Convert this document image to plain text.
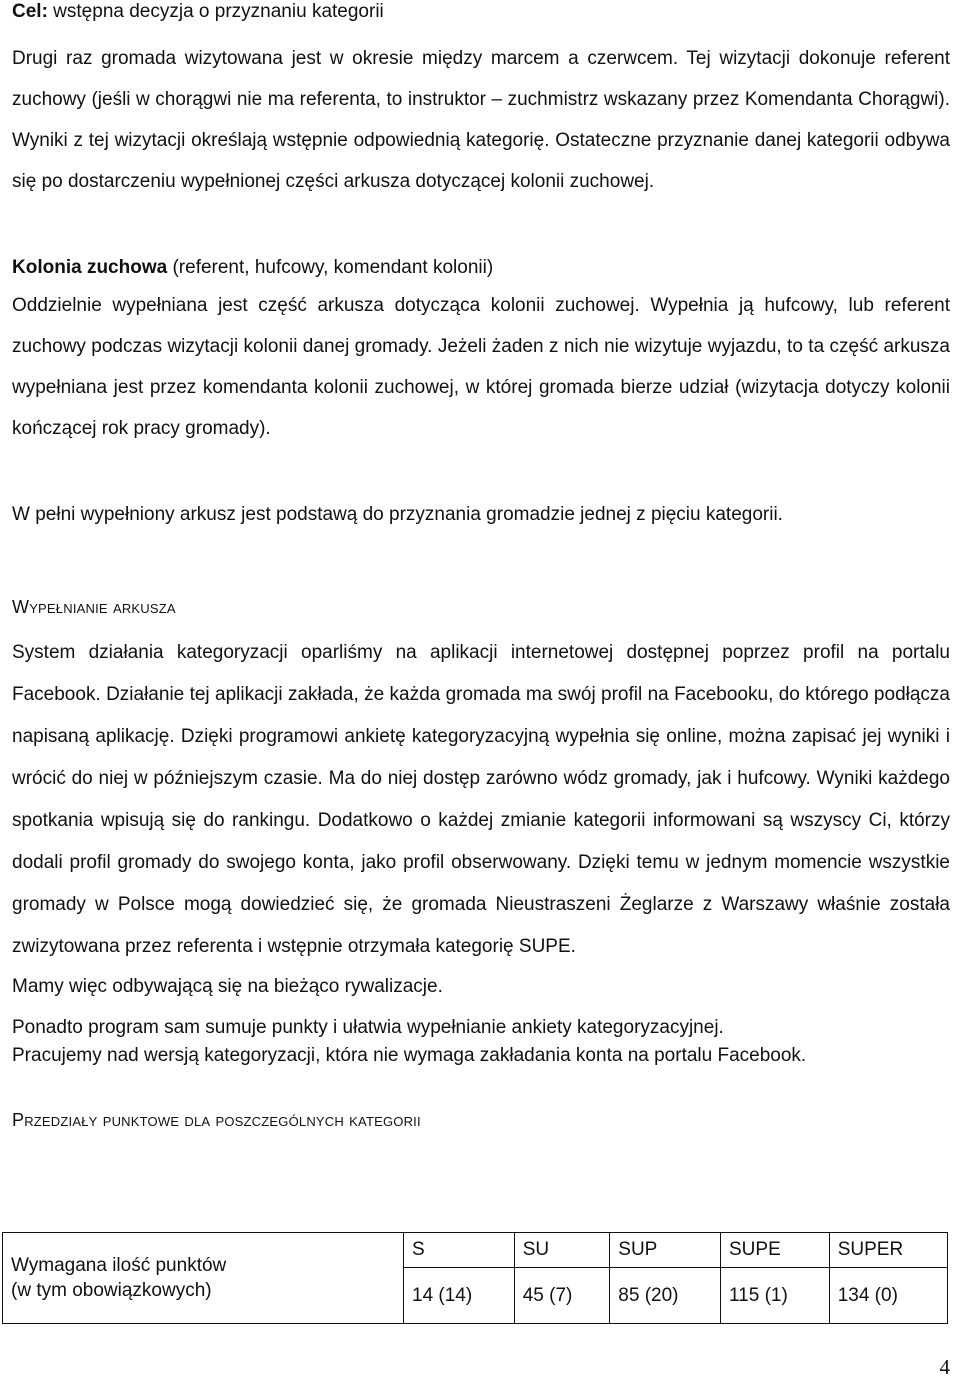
Cel: wstępna decyzja o przyznaniu kategorii

Drugi raz gromada wizytowana jest w okresie między marcem a czerwcem. Tej wizytacji dokonuje referent zuchowy (jeśli w chorągwi nie ma referenta, to instruktor – zuchmistrz wskazany przez Komendanta Chorągwi). Wyniki z tej wizytacji określają wstępnie odpowiednią kategorię. Ostateczne przyznanie danej kategorii odbywa się po dostarczeniu wypełnionej części arkusza dotyczącej kolonii zuchowej.

Kolonia zuchowa (referent, hufcowy, komendant kolonii)

Oddzielnie wypełniana jest część arkusza dotycząca kolonii zuchowej. Wypełnia ją hufcowy, lub referent zuchowy podczas wizytacji kolonii danej gromady. Jeżeli żaden z nich nie wizytuje wyjazdu, to ta część arkusza wypełniana jest przez komendanta kolonii zuchowej, w której gromada bierze udział (wizytacja dotyczy kolonii kończącej rok pracy gromady).

W pełni wypełniony arkusz jest podstawą do przyznania gromadzie jednej z pięciu kategorii.

Wypełnianie arkusza

System działania kategoryzacji oparliśmy na aplikacji internetowej dostępnej poprzez profil na portalu Facebook. Działanie tej aplikacji zakłada, że każda gromada ma swój profil na Facebooku, do którego podłącza napisaną aplikację. Dzięki programowi ankietę kategoryzacyjną wypełnia się online, można zapisać jej wyniki i wrócić do niej w późniejszym czasie. Ma do niej dostęp zarówno wódz gromady, jak i hufcowy. Wyniki każdego spotkania wpisują się do rankingu. Dodatkowo o każdej zmianie kategorii informowani są wszyscy Ci, którzy dodali profil gromady do swojego konta, jako profil obserwowany. Dzięki temu w jednym momencie wszystkie gromady w Polsce mogą dowiedzieć się, że gromada Nieustraszeni Żeglarze z Warszawy właśnie została zwizytowana przez referenta i wstępnie otrzymała kategorię SUPE.

Mamy więc odbywającą się na bieżąco rywalizacje.

Ponadto program sam sumuje punkty i ułatwia wypełnianie ankiety kategoryzacyjnej.
Pracujemy nad wersją kategoryzacji, która nie wymaga zakładania konta na portalu Facebook.

Przedziały punktowe dla poszczególnych kategorii

Wymagana ilość punktów
(w tym obowiązkowych)	S	SU	SUP	SUPE	SUPER
	14 (14)	45 (7)	85 (20)	115 (1)	134 (0)
4
